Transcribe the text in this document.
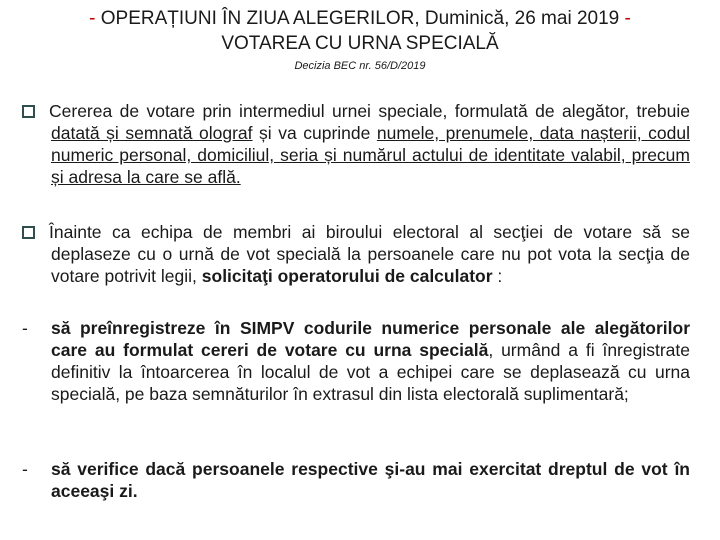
- OPERAȚIUNI ÎN ZIUA ALEGERILOR, Duminică, 26 mai 2019 -
VOTAREA CU URNA SPECIALĂ
Decizia BEC nr. 56/D/2019

Cererea de votare prin intermediul urnei speciale, formulată de alegător, trebuie datată și semnată olograf și va cuprinde numele, prenumele, data nașterii, codul numeric personal, domiciliul, seria și numărul actului de identitate valabil, precum și adresa la care se află.

Înainte ca echipa de membri ai biroului electoral al secţiei de votare să se deplaseze cu o urnă de vot specială la persoanele care nu pot vota la secţia de votare potrivit legii, solicitaţi operatorului de calculator :

- să preînregistreze în SIMPV codurile numerice personale ale alegătorilor care au formulat cereri de votare cu urna specială, urmând a fi înregistrate definitiv la întoarcerea în localul de vot a echipei care se deplasează cu urna specială, pe baza semnăturilor în extrasul din lista electorală suplimentară;

- să verifice dacă persoanele respective şi-au mai exercitat dreptul de vot în aceeaşi zi.
